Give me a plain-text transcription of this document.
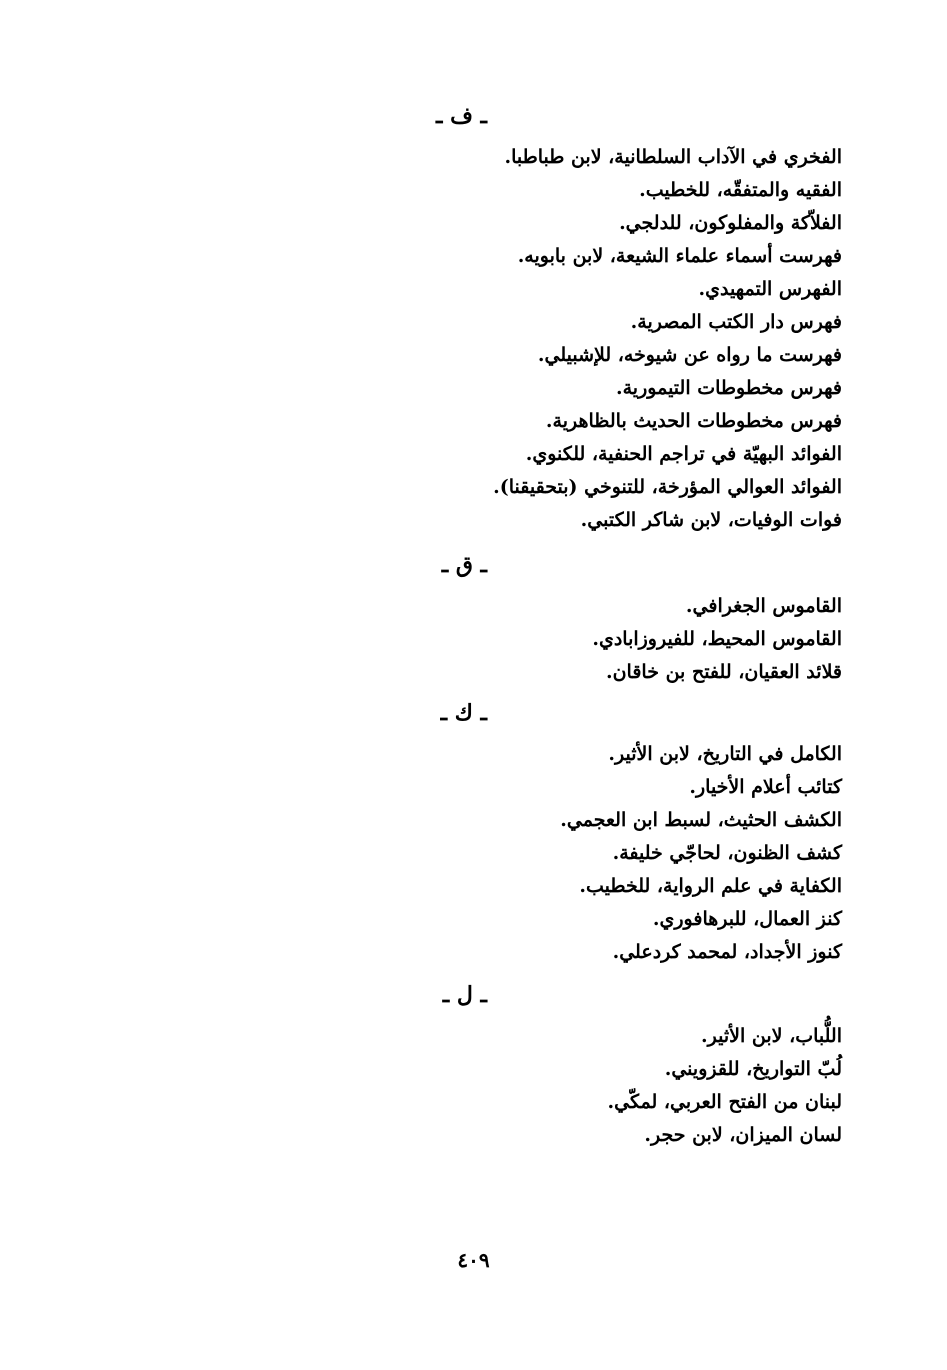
ـ ف ـ
الفخري في الآداب السلطانية، لابن طباطبا.
الفقيه والمتفقّه، للخطيب.
الفلاّكة والمفلوكون، للدلجي.
فهرست أسماء علماء الشيعة، لابن بابويه.
الفهرس التمهيدي.
فهرس دار الكتب المصرية.
فهرست ما رواه عن شيوخه، للإشبيلي.
فهرس مخطوطات التيمورية.
فهرس مخطوطات الحديث بالظاهرية.
الفوائد البهيّة في تراجم الحنفية، للكنوي.
الفوائد العوالي المؤرخة، للتنوخي (بتحقيقنا).
فوات الوفيات، لابن شاكر الكتبي.
ـ ق ـ
القاموس الجغرافي.
القاموس المحيط، للفيروزابادي.
قلائد العقيان، للفتح بن خاقان.
ـ ك ـ
الكامل في التاريخ، لابن الأثير.
كتائب أعلام الأخيار.
الكشف الحثيث، لسبط ابن العجمي.
كشف الظنون، لحاجّي خليفة.
الكفاية في علم الرواية، للخطيب.
كنز العمال، للبرهافوري.
كنوز الأجداد، لمحمد كردعلي.
ـ ل ـ
اللُّباب، لابن الأثير.
لُبّ التواريخ، للقزويني.
لبنان من الفتح العربي، لمكّي.
لسان الميزان، لابن حجر.
٤٠٩
